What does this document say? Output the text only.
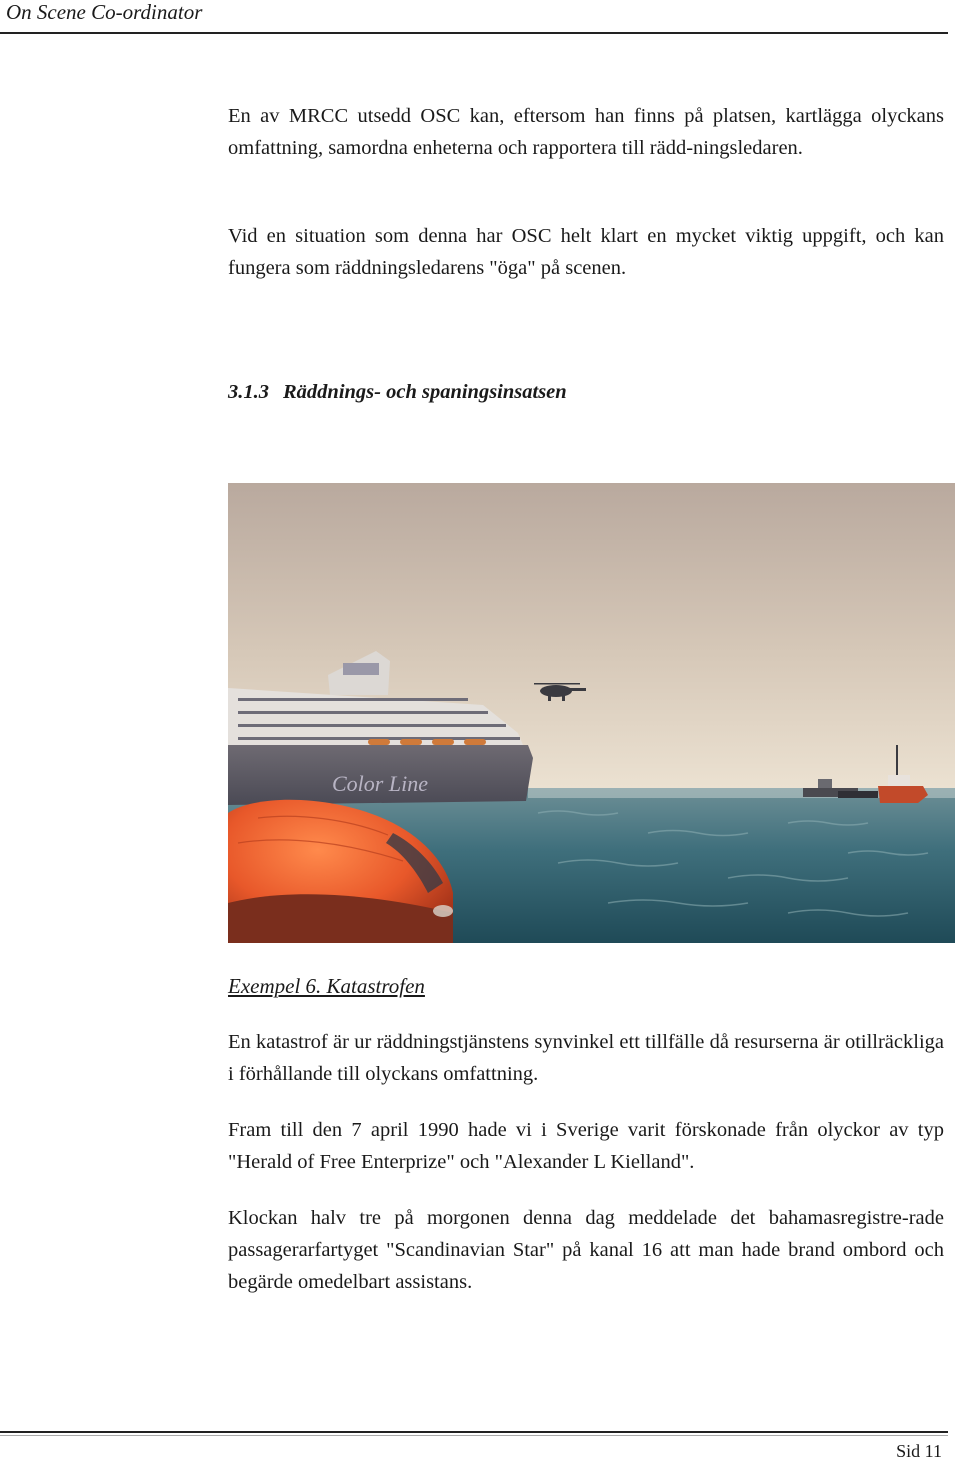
On Scene Co-ordinator

En av MRCC utsedd OSC kan, eftersom han finns på platsen, kartlägga olyckans omfattning, samordna enheterna och rapportera till rädd-ningsledaren.

Vid en situation som denna har OSC helt klart en mycket viktig uppgift, och kan fungera som räddningsledarens "öga" på scenen.

3.1.3 Räddnings- och spaningsinsatsen
Color Line

Exempel 6. Katastrofen

En katastrof är ur räddningstjänstens synvinkel ett tillfälle då resurserna är otillräckliga i förhållande till olyckans omfattning.

Fram till den 7 april 1990 hade vi i Sverige varit förskonade från olyckor av typ "Herald of Free Enterprize" och "Alexander L Kielland".

Klockan halv tre på morgonen denna dag meddelade det bahamasregistre-rade passagerarfartyget "Scandinavian Star" på kanal 16 att man hade brand ombord och begärde omedelbart assistans.

Sid 11
